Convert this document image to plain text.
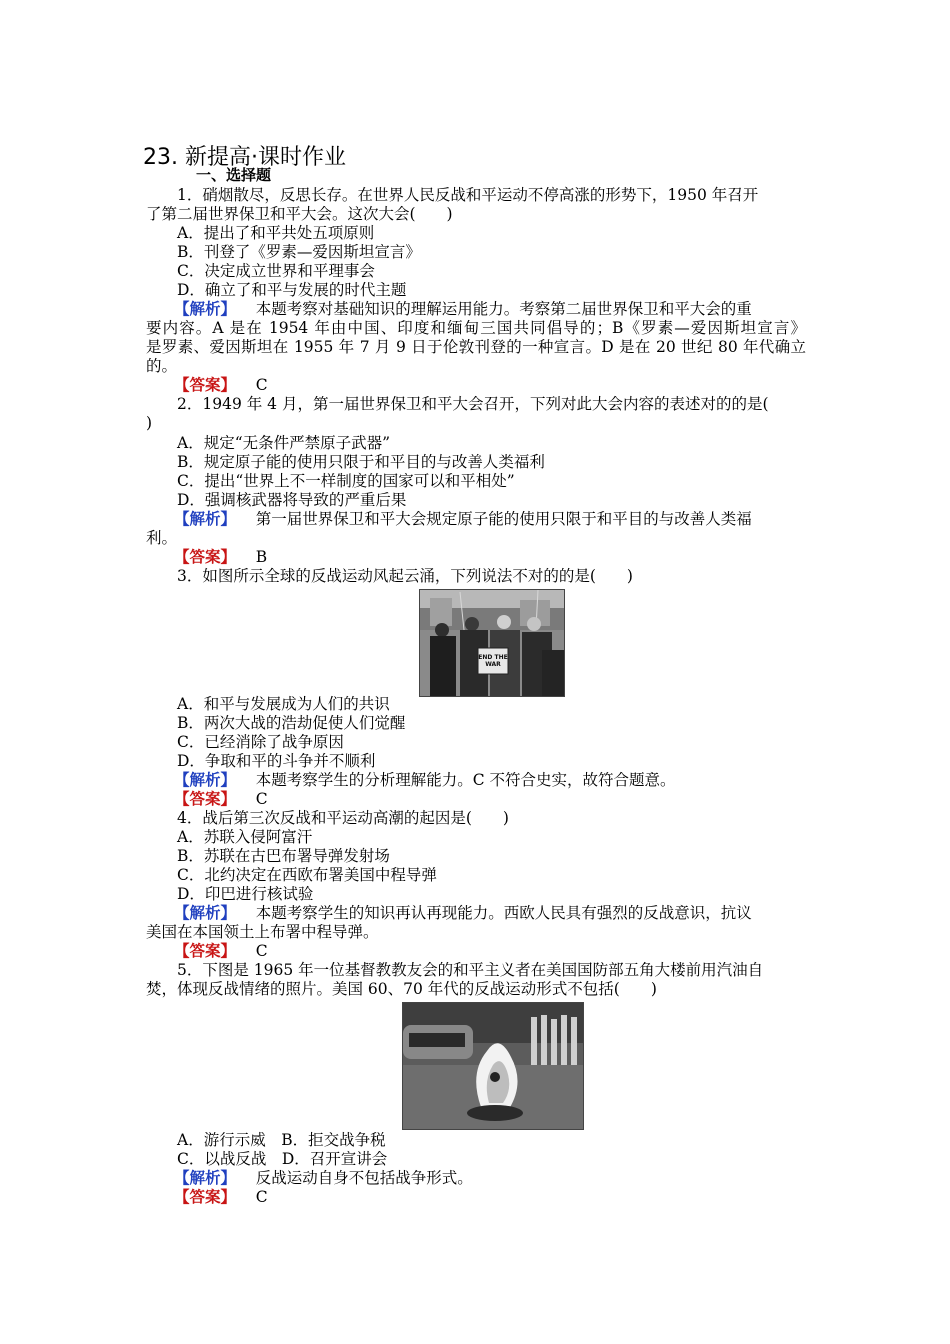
23. 新提高·课时作业
一、选择题
1．硝烟散尽，反思长存。在世界人民反战和平运动不停高涨的形势下，1950 年召开
了第二届世界保卫和平大会。这次大会(　　)
A．提出了和平共处五项原则
B．刊登了《罗素—爱因斯坦宣言》
C．决定成立世界和平理事会
D．确立了和平与发展的时代主题
【解析】 本题考察对基础知识的理解运用能力。考察第二届世界保卫和平大会的重
要内容。A 是在 1954 年由中国、印度和缅甸三国共同倡导的；B《罗素—爱因斯坦宣言》
是罗素、爱因斯坦在 1955 年 7 月 9 日于伦敦刊登的一种宣言。D 是在 20 世纪 80 年代确立
的。
【答案】 C
2．1949 年 4 月，第一届世界保卫和平大会召开，下列对此大会内容的表述对的的是(
)
A．规定“无条件严禁原子武器”
B．规定原子能的使用只限于和平目的与改善人类福利
C．提出“世界上不一样制度的国家可以和平相处”
D．强调核武器将导致的严重后果
【解析】 第一届世界保卫和平大会规定原子能的使用只限于和平目的与改善人类福
利。
【答案】 B
3．如图所示全球的反战运动风起云涌，下列说法不对的的是(　　)
END THE WAR
A．和平与发展成为人们的共识
B．两次大战的浩劫促使人们觉醒
C．已经消除了战争原因
D．争取和平的斗争并不顺利
【解析】 本题考察学生的分析理解能力。C 不符合史实，故符合题意。
【答案】 C
4．战后第三次反战和平运动高潮的起因是(　　)
A．苏联入侵阿富汗
B．苏联在古巴布署导弹发射场
C．北约决定在西欧布署美国中程导弹
D．印巴进行核试验
【解析】 本题考察学生的知识再认再现能力。西欧人民具有强烈的反战意识，抗议
美国在本国领土上布署中程导弹。
【答案】 C
5．下图是 1965 年一位基督教教友会的和平主义者在美国国防部五角大楼前用汽油自
焚，体现反战情绪的照片。美国 60、70 年代的反战运动形式不包括(　　)
A．游行示威　B．拒交战争税
C．以战反战　D．召开宣讲会
【解析】 反战运动自身不包括战争形式。
【答案】 C
